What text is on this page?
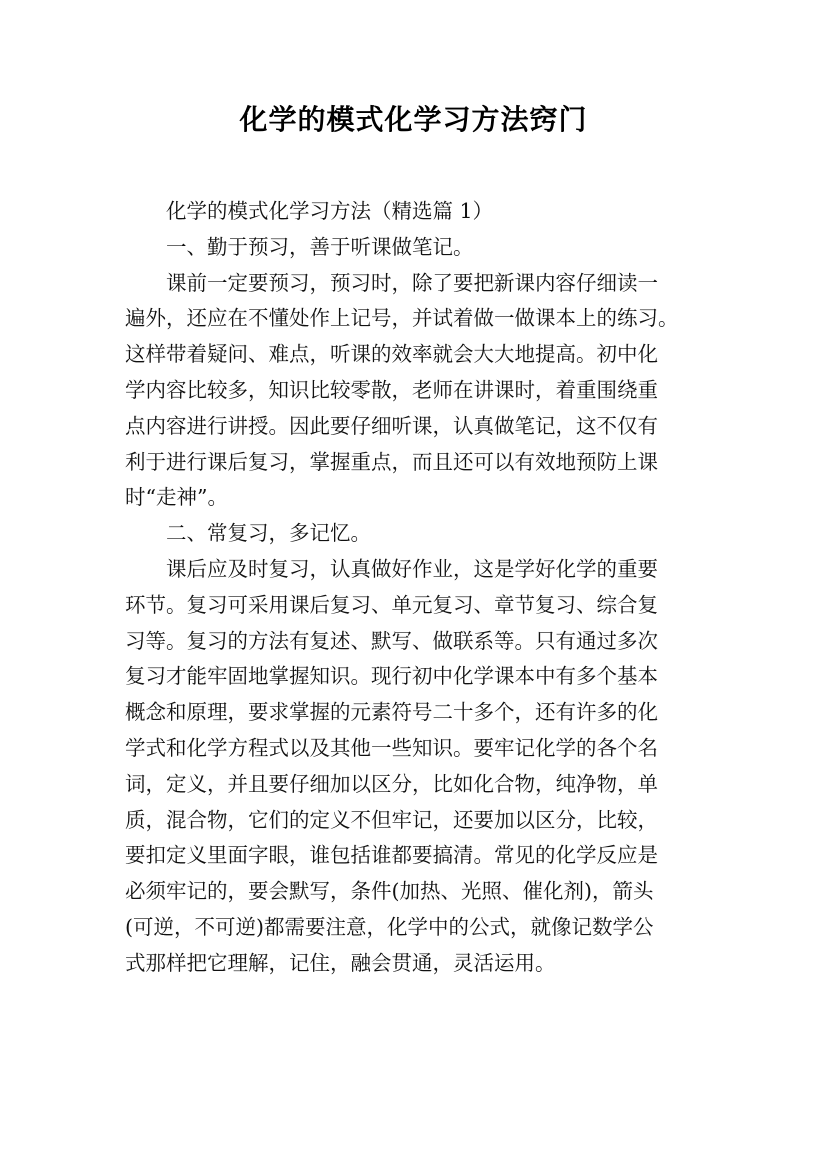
化学的模式化学习方法窍门

化学的模式化学习方法（精选篇 1）

一、勤于预习，善于听课做笔记。

课前一定要预习，预习时，除了要把新课内容仔细读一

遍外，还应在不懂处作上记号，并试着做一做课本上的练习。

这样带着疑问、难点，听课的效率就会大大地提高。初中化

学内容比较多，知识比较零散，老师在讲课时，着重围绕重

点内容进行讲授。因此要仔细听课，认真做笔记，这不仅有

利于进行课后复习，掌握重点，而且还可以有效地预防上课

时“走神”。

二、常复习，多记忆。

课后应及时复习，认真做好作业，这是学好化学的重要

环节。复习可采用课后复习、单元复习、章节复习、综合复

习等。复习的方法有复述、默写、做联系等。只有通过多次

复习才能牢固地掌握知识。现行初中化学课本中有多个基本

概念和原理，要求掌握的元素符号二十多个，还有许多的化

学式和化学方程式以及其他一些知识。要牢记化学的各个名

词，定义，并且要仔细加以区分，比如化合物，纯净物，单

质，混合物，它们的定义不但牢记，还要加以区分，比较，

要扣定义里面字眼，谁包括谁都要搞清。常见的化学反应是

必须牢记的，要会默写，条件(加热、光照、催化剂)，箭头

(可逆，不可逆)都需要注意，化学中的公式，就像记数学公

式那样把它理解，记住，融会贯通，灵活运用。
